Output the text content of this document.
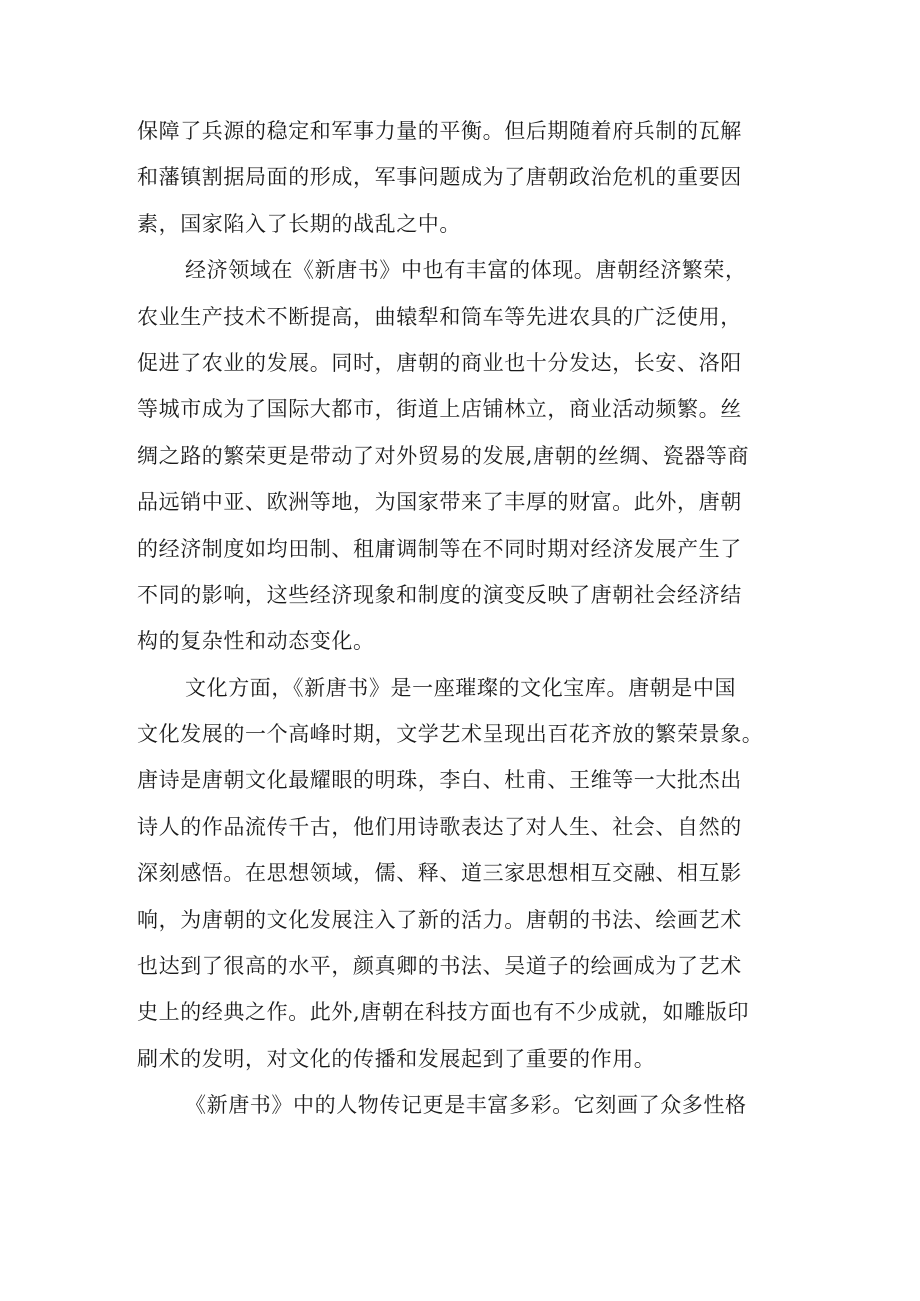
保障了兵源的稳定和军事力量的平衡。但后期随着府兵制的瓦解
和藩镇割据局面的形成，军事问题成为了唐朝政治危机的重要因
素，国家陷入了长期的战乱之中。
经济领域在《新唐书》中也有丰富的体现。唐朝经济繁荣，
农业生产技术不断提高，曲辕犁和筒车等先进农具的广泛使用，
促进了农业的发展。同时，唐朝的商业也十分发达，长安、洛阳
等城市成为了国际大都市，街道上店铺林立，商业活动频繁。丝
绸之路的繁荣更是带动了对外贸易的发展,唐朝的丝绸、瓷器等商
品远销中亚、欧洲等地，为国家带来了丰厚的财富。此外，唐朝
的经济制度如均田制、租庸调制等在不同时期对经济发展产生了
不同的影响，这些经济现象和制度的演变反映了唐朝社会经济结
构的复杂性和动态变化。
文化方面，《新唐书》是一座璀璨的文化宝库。唐朝是中国
文化发展的一个高峰时期，文学艺术呈现出百花齐放的繁荣景象。
唐诗是唐朝文化最耀眼的明珠，李白、杜甫、王维等一大批杰出
诗人的作品流传千古，他们用诗歌表达了对人生、社会、自然的
深刻感悟。在思想领域，儒、释、道三家思想相互交融、相互影
响，为唐朝的文化发展注入了新的活力。唐朝的书法、绘画艺术
也达到了很高的水平，颜真卿的书法、吴道子的绘画成为了艺术
史上的经典之作。此外,唐朝在科技方面也有不少成就，如雕版印
刷术的发明，对文化的传播和发展起到了重要的作用。
《新唐书》中的人物传记更是丰富多彩。它刻画了众多性格
